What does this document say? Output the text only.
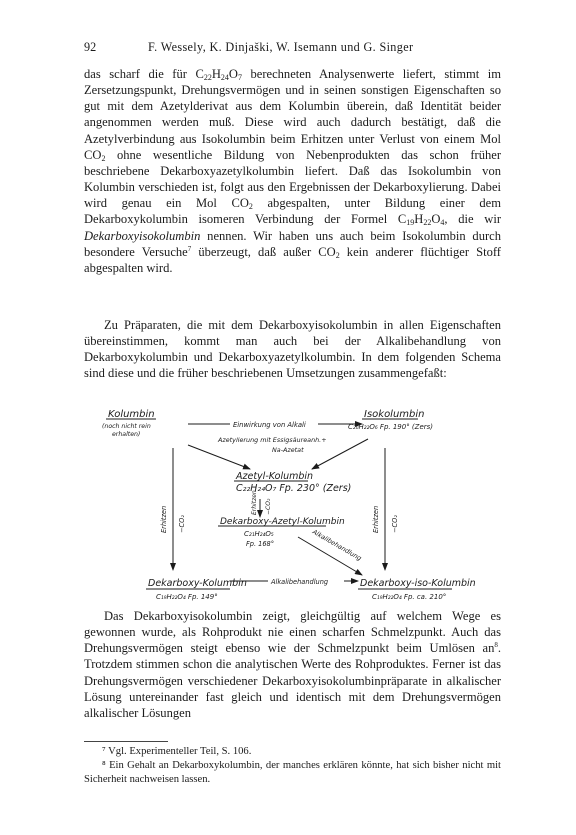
92	F. Wessely, K. Dinjaški, W. Isemann und G. Singer

das scharf die für $C_{22}H_{24}O_7$ berechneten Analysenwerte liefert, stimmt im Zersetzungspunkt, Drehungsvermögen und in seinen sonstigen Eigenschaften so gut mit dem Azetylderivat aus dem Kolumbin überein, daß Identität beider angenommen werden muß. Diese wird auch dadurch bestätigt, daß die Azetylverbindung aus Isokolumbin beim Erhitzen unter Verlust von einem Mol $CO_2$ ohne wesentliche Bildung von Nebenprodukten das schon früher beschriebene Dekarboxyazetylkolumbin liefert. Daß das Isokolumbin von Kolumbin verschieden ist, folgt aus den Ergebnissen der Dekarboxylierung. Dabei wird genau ein Mol $CO_2$ abgespalten, unter Bildung einer dem Dekarboxykolumbin isomeren Verbindung der Formel $C_{19}H_{22}O_4$, die wir Dekarboxyisokolumbin nennen. Wir haben uns auch beim Isokolumbin durch besondere Versuche$^7$ überzeugt, daß außer $CO_2$ kein anderer flüchtiger Stoff abgespalten wird.

Zu Präparaten, die mit dem Dekarboxyisokolumbin in allen Eigenschaften übereinstimmen, kommt man auch bei der Alkalibehandlung von Dekarboxykolumbin und Dekarboxyazetylkolumbin. In dem folgenden Schema sind diese und die früher beschriebenen Umsetzungen zusammengefaßt:

Kolumbin
(noch nicht rein
erhalten)
Einwirkung von Alkali
Isokolumbin
C₂₀H₂₂O₆ Fp. 190° (Zers)
Azetylierung mit Essigsäureanh.+
Na-Azetat
C₂₂H₂₄O₇ Fp. 230° (Zers)
Azetyl-Kolumbin
Erhitzen −CO₂
Erhitzen −CO₂	Erhitzen −CO₂
Dekarboxy-Azetyl-Kolumbin
C₂₁H₂₄O₅
Fp. 168°	Alkalibehandlung
Dekarboxy-Kolumbin
C₁₉H₂₂O₄ Fp. 149°
Alkalibehandlung	Dekarboxy-iso-Kolumbin
C₁₉H₂₂O₄ Fp. ca. 210°

Das Dekarboxyisokolumbin zeigt, gleichgültig auf welchem Wege es gewonnen wurde, als Rohprodukt nie einen scharfen Schmelzpunkt. Auch das Drehungsvermögen steigt ebenso wie der Schmelzpunkt beim Umlösen $an^8$. Trotzdem stimmen schon die analytischen Werte des Rohproduktes. Ferner ist das Drehungsvermögen verschiedener Dekarboxyisokolumbinpräparate in alkalischer Lösung untereinander fast gleich und identisch mit dem Drehungsvermögen alkalischer Lösungen

⁷ Vgl. Experimenteller Teil, S. 106.

⁸ Ein Gehalt an Dekarboxykolumbin, der manches erklären könnte, hat sich bisher nicht mit Sicherheit nachweisen lassen.
